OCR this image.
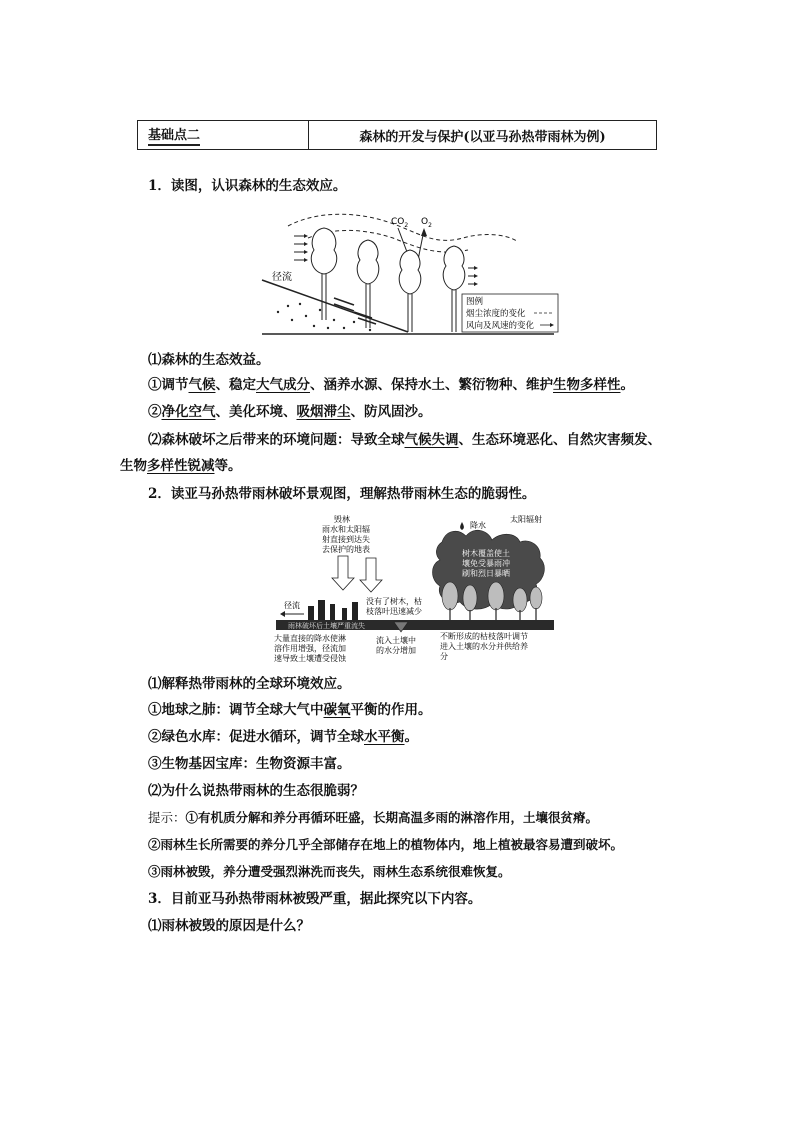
基础点二	森林的开发与保护(以亚马孙热带雨林为例)
1．读图，认识森林的生态效应。
$CO_2$ $O_2$
径流
图例
烟尘浓度的变化
风向及风速的变化
⑴森林的生态效益。
①调节气候、稳定大气成分、涵养水源、保持水土、繁衍物种、维护生物多样性。
②净化空气、美化环境、吸烟滞尘、防风固沙。
⑵森林破坏之后带来的环境问题：导致全球气候失调、生态环境恶化、自然灾害频发、
生物多样性锐减等。
2．读亚马孙热带雨林破坏景观图，理解热带雨林生态的脆弱性。
毁林
雨水和太阳辐
射直接到达失
去保护的地表
径流	没有了树木，枯
枝落叶迅速减少
降水
太阳辐射
树木覆盖使土
壤免受暴雨冲
刷和烈日暴晒
雨林破坏后土壤严重流失
大量直接的降水使淋
溶作用增强，径流加
速导致土壤遭受侵蚀
流入土壤中
的水分增加
不断形成的枯枝落叶调节
进入土壤的水分并供给养
分
⑴解释热带雨林的全球环境效应。
①地球之肺：调节全球大气中碳氧平衡的作用。
②绿色水库：促进水循环，调节全球水平衡。
③生物基因宝库：生物资源丰富。
⑵为什么说热带雨林的生态很脆弱？
提示：①有机质分解和养分再循环旺盛，长期高温多雨的淋溶作用，土壤很贫瘠。
②雨林生长所需要的养分几乎全部储存在地上的植物体内，地上植被最容易遭到破坏。
③雨林被毁，养分遭受强烈淋洗而丧失，雨林生态系统很难恢复。
3．目前亚马孙热带雨林被毁严重，据此探究以下内容。
⑴雨林被毁的原因是什么？
